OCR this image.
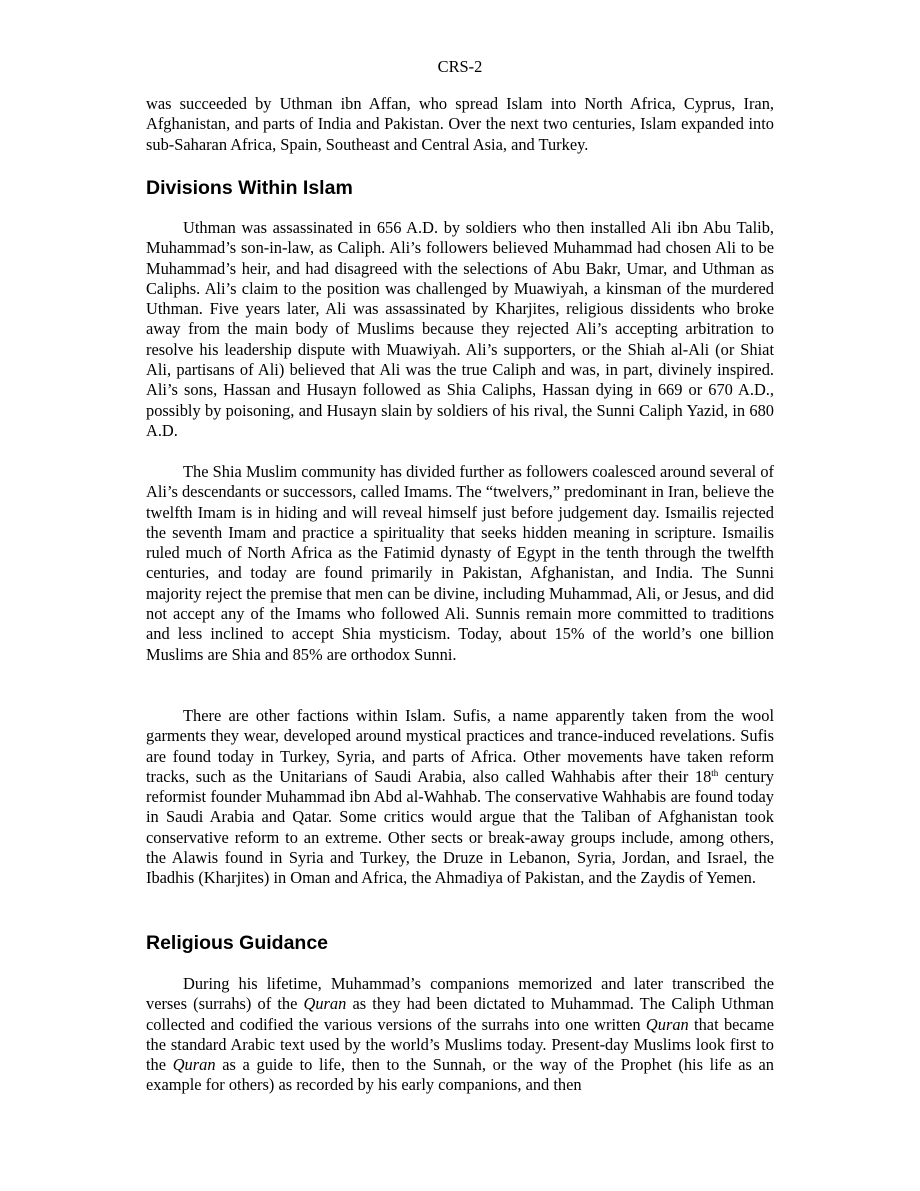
CRS-2

was succeeded by Uthman ibn Affan, who spread Islam into North Africa, Cyprus, Iran, Afghanistan, and parts of India and Pakistan. Over the next two centuries, Islam expanded into sub-Saharan Africa, Spain, Southeast and Central Asia, and Turkey.

Divisions Within Islam

Uthman was assassinated in 656 A.D. by soldiers who then installed Ali ibn Abu Talib, Muhammad’s son-in-law, as Caliph. Ali’s followers believed Muhammad had chosen Ali to be Muhammad’s heir, and had disagreed with the selections of Abu Bakr, Umar, and Uthman as Caliphs. Ali’s claim to the position was challenged by Muawiyah, a kinsman of the murdered Uthman. Five years later, Ali was assassinated by Kharjites, religious dissidents who broke away from the main body of Muslims because they rejected Ali’s accepting arbitration to resolve his leadership dispute with Muawiyah. Ali’s supporters, or the Shiah al-Ali (or Shiat Ali, partisans of Ali) believed that Ali was the true Caliph and was, in part, divinely inspired. Ali’s sons, Hassan and Husayn followed as Shia Caliphs, Hassan dying in 669 or 670 A.D., possibly by poisoning, and Husayn slain by soldiers of his rival, the Sunni Caliph Yazid, in 680 A.D.

The Shia Muslim community has divided further as followers coalesced around several of Ali’s descendants or successors, called Imams. The “twelvers,” predominant in Iran, believe the twelfth Imam is in hiding and will reveal himself just before judgement day. Ismailis rejected the seventh Imam and practice a spirituality that seeks hidden meaning in scripture. Ismailis ruled much of North Africa as the Fatimid dynasty of Egypt in the tenth through the twelfth centuries, and today are found primarily in Pakistan, Afghanistan, and India. The Sunni majority reject the premise that men can be divine, including Muhammad, Ali, or Jesus, and did not accept any of the Imams who followed Ali. Sunnis remain more committed to traditions and less inclined to accept Shia mysticism. Today, about 15% of the world’s one billion Muslims are Shia and 85% are orthodox Sunni.

There are other factions within Islam. Sufis, a name apparently taken from the wool garments they wear, developed around mystical practices and trance-induced revelations. Sufis are found today in Turkey, Syria, and parts of Africa. Other movements have taken reform tracks, such as the Unitarians of Saudi Arabia, also called Wahhabis after their 18th century reformist founder Muhammad ibn Abd al-Wahhab. The conservative Wahhabis are found today in Saudi Arabia and Qatar. Some critics would argue that the Taliban of Afghanistan took conservative reform to an extreme. Other sects or break-away groups include, among others, the Alawis found in Syria and Turkey, the Druze in Lebanon, Syria, Jordan, and Israel, the Ibadhis (Kharjites) in Oman and Africa, the Ahmadiya of Pakistan, and the Zaydis of Yemen.

Religious Guidance

During his lifetime, Muhammad’s companions memorized and later transcribed the verses (surrahs) of the Quran as they had been dictated to Muhammad. The Caliph Uthman collected and codified the various versions of the surrahs into one written Quran that became the standard Arabic text used by the world’s Muslims today. Present-day Muslims look first to the Quran as a guide to life, then to the Sunnah, or the way of the Prophet (his life as an example for others) as recorded by his early companions, and then
